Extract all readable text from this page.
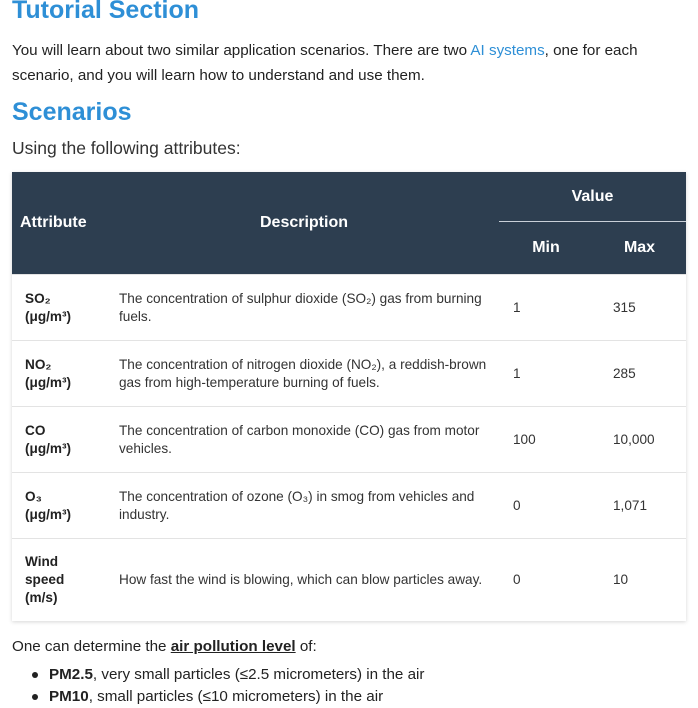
Tutorial Section

You will learn about two similar application scenarios. There are two AI systems, one for each scenario, and you will learn how to understand and use them.

Scenarios

Using the following attributes:

Attribute	Description	Value	

		Min	Max
SO₂
(μg/m³)	The concentration of sulphur dioxide (SO₂) gas from burning fuels.	1	315
NO₂
(μg/m³)	The concentration of nitrogen dioxide (NO₂), a reddish-brown gas from high-temperature burning of fuels.	1	285
CO
(μg/m³)	The concentration of carbon monoxide (CO) gas from motor vehicles.	100	10,000
O₃
(μg/m³)	The concentration of ozone (O₃) in smog from vehicles and industry.	0	1,071
Wind
speed
(m/s)	How fast the wind is blowing, which can blow particles away.	0	10

One can determine the air pollution level of:

PM2.5, very small particles (≤2.5 micrometers) in the air
PM10, small particles (≤10 micrometers) in the air
